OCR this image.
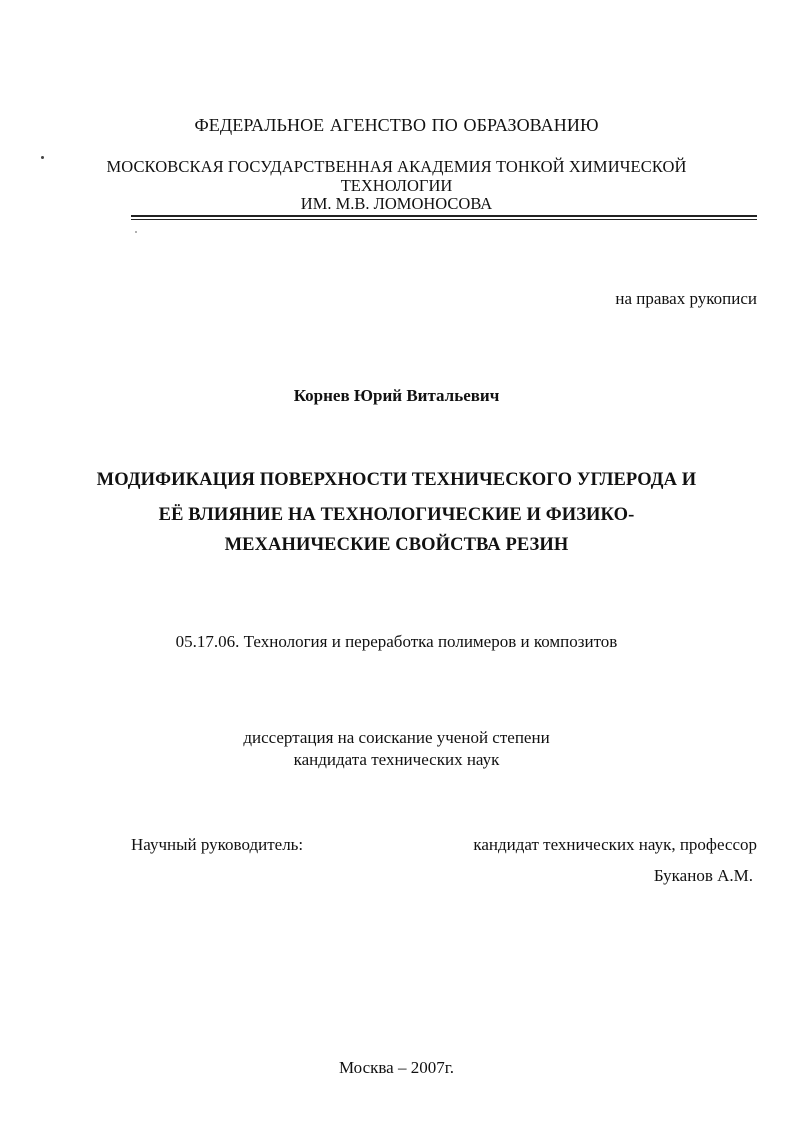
ФЕДЕРАЛЬНОЕ АГЕНСТВО ПО ОБРАЗОВАНИЮ
МОСКОВСКАЯ ГОСУДАРСТВЕННАЯ АКАДЕМИЯ ТОНКОЙ ХИМИЧЕСКОЙ
ТЕХНОЛОГИИ
ИМ. М.В. ЛОМОНОСОВА
на правах рукописи
Корнев Юрий Витальевич
МОДИФИКАЦИЯ ПОВЕРХНОСТИ ТЕХНИЧЕСКОГО УГЛЕРОДА И
ЕЁ ВЛИЯНИЕ НА ТЕХНОЛОГИЧЕСКИЕ И ФИЗИКО-
МЕХАНИЧЕСКИЕ СВОЙСТВА РЕЗИН
05.17.06. Технология и переработка полимеров и композитов
диссертация на соискание ученой степени
кандидата технических наук
Научный руководитель:	кандидат технических наук, профессор
Буканов А.М.
Москва – 2007г.
